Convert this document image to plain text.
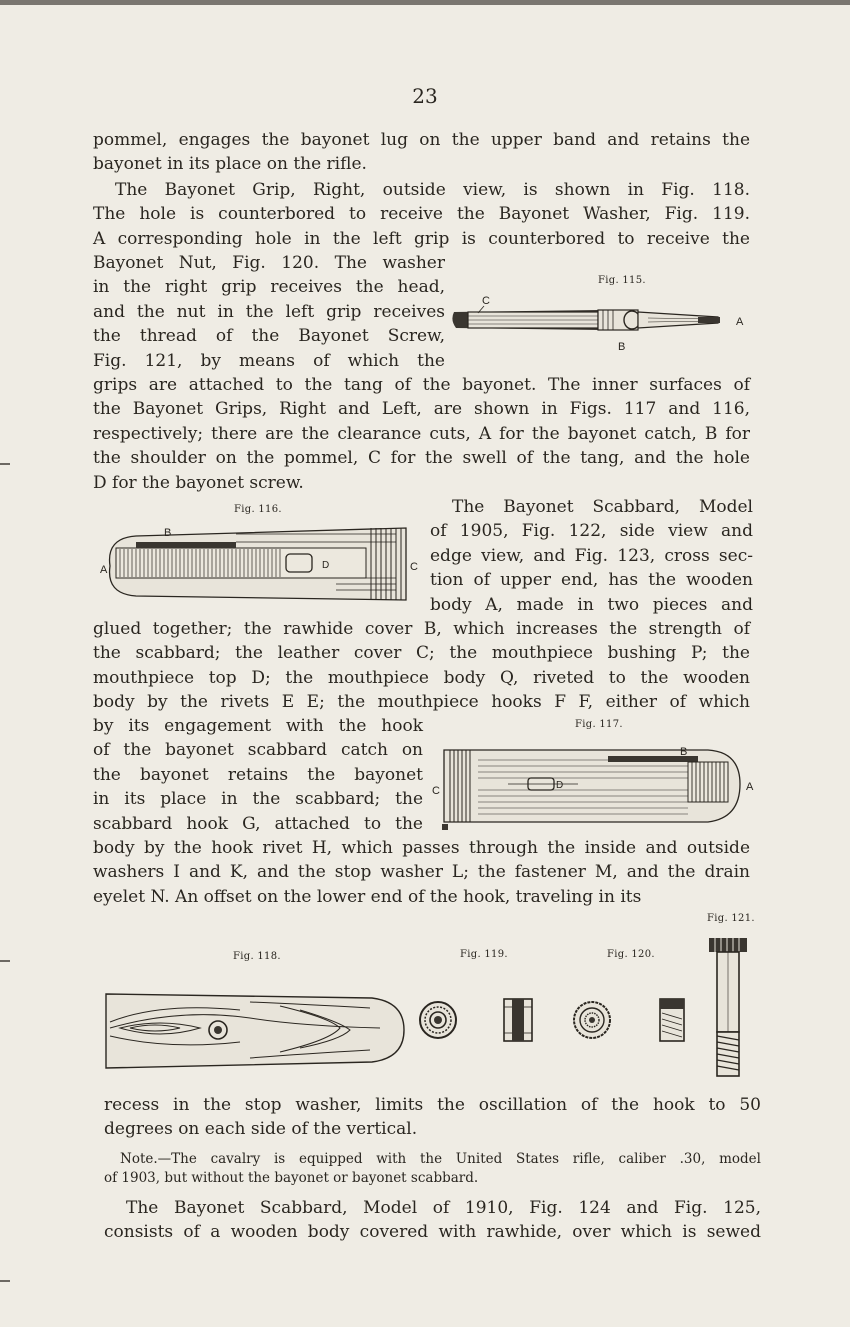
23
pommel, engages the bayonet lug on the upper band and retains the
bayonet in its place on the rifle.
The Bayonet Grip, Right, outside view, is shown in Fig. 118.
The hole is counterbored to receive the Bayonet Washer, Fig. 119.
A corresponding hole in the left grip is counterbored to receive the
Bayonet Nut, Fig. 120. The washer
in the right grip receives the head,
and the nut in the left grip receives
the thread of the Bayonet Screw,
Fig. 121, by means of which the
grips are attached to the tang of the bayonet. The inner surfaces of
the Bayonet Grips, Right and Left, are shown in Figs. 117 and 116,
respectively; there are the clearance cuts, A for the bayonet catch, B for
the shoulder on the pommel, C for the swell of the tang, and the hole
D for the bayonet screw.
Fig. 115.
A
B
C
The Bayonet Scabbard, Model
of 1905, Fig. 122, side view and
edge view, and Fig. 123, cross sec-
tion of upper end, has the wooden
body A, made in two pieces and
Fig. 116.
A
B
C
D
glued together; the rawhide cover B, which increases the strength of
the scabbard; the leather cover C; the mouthpiece bushing P; the
mouthpiece top D; the mouthpiece body Q, riveted to the wooden
body by the rivets E E; the mouthpiece hooks F F, either of which
by its engagement with the hook
of the bayonet scabbard catch on
the bayonet retains the bayonet
in its place in the scabbard; the
scabbard hook G, attached to the
body by the hook rivet H, which passes through the inside and outside
washers I and K, and the stop washer L; the fastener M, and the drain
eyelet N. An offset on the lower end of the hook, traveling in its
Fig. 117.
A
B
C	D
Fig. 118.	Fig. 119.	Fig. 120.
Fig. 121.
recess in the stop washer, limits the oscillation of the hook to 50
degrees on each side of the vertical.
Note.—The cavalry is equipped with the United States rifle, caliber .30, model
of 1903, but without the bayonet or bayonet scabbard.
The Bayonet Scabbard, Model of 1910, Fig. 124 and Fig. 125,
consists of a wooden body covered with rawhide, over which is sewed
